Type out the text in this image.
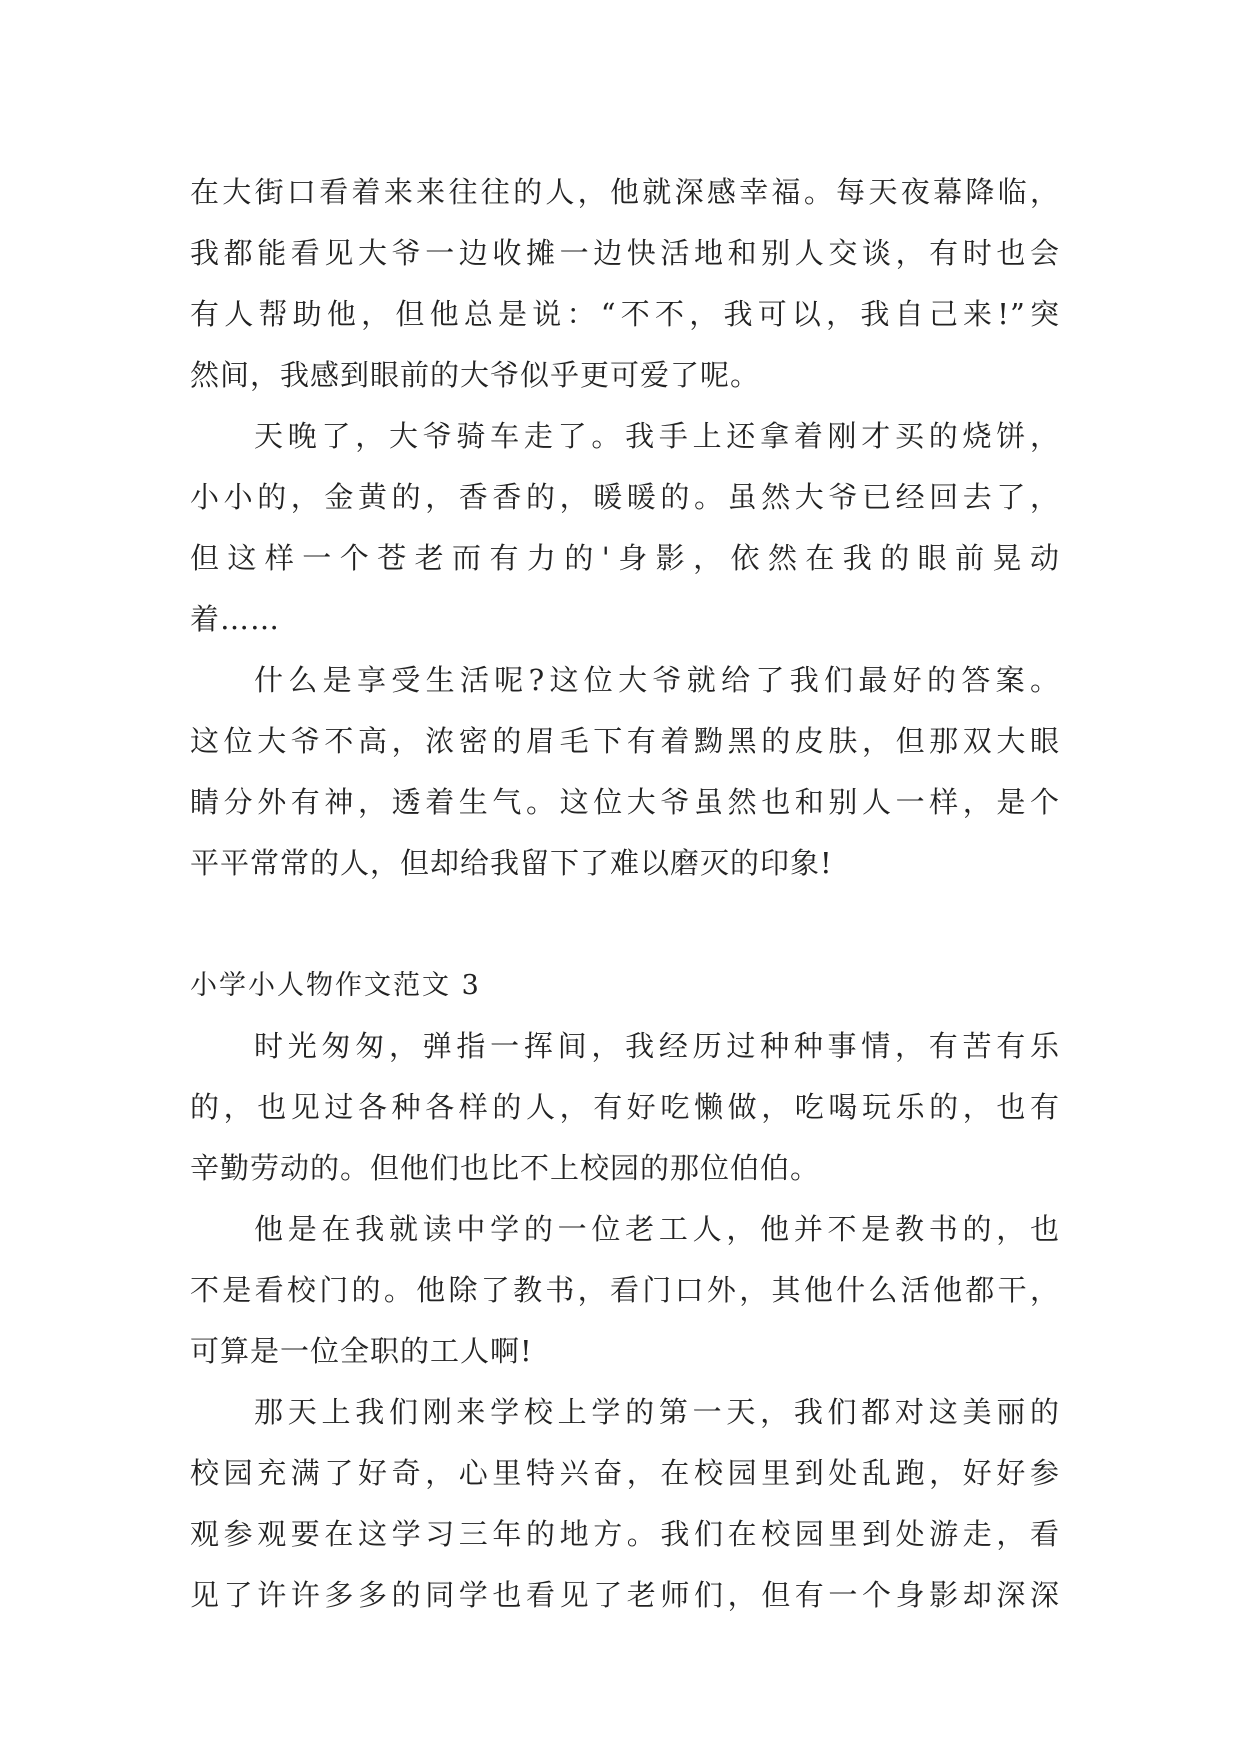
在大街口看着来来往往的人，他就深感幸福。每天夜幕降临，
我都能看见大爷一边收摊一边快活地和别人交谈，有时也会
有人帮助他，但他总是说：“不不，我可以，我自己来!”突
然间，我感到眼前的大爷似乎更可爱了呢。
天晚了，大爷骑车走了。我手上还拿着刚才买的烧饼，
小小的，金黄的，香香的，暖暖的。虽然大爷已经回去了，
但这样一个苍老而有力的'身影，依然在我的眼前晃动
着……
什么是享受生活呢?这位大爷就给了我们最好的答案。
这位大爷不高，浓密的眉毛下有着黝黑的皮肤，但那双大眼
睛分外有神，透着生气。这位大爷虽然也和别人一样，是个
平平常常的人，但却给我留下了难以磨灭的印象!
小学小人物作文范文 3
时光匆匆，弹指一挥间，我经历过种种事情，有苦有乐
的，也见过各种各样的人，有好吃懒做，吃喝玩乐的，也有
辛勤劳动的。但他们也比不上校园的那位伯伯。
他是在我就读中学的一位老工人，他并不是教书的，也
不是看校门的。他除了教书，看门口外，其他什么活他都干，
可算是一位全职的工人啊!
那天上我们刚来学校上学的第一天，我们都对这美丽的
校园充满了好奇，心里特兴奋，在校园里到处乱跑，好好参
观参观要在这学习三年的地方。我们在校园里到处游走，看
见了许许多多的同学也看见了老师们，但有一个身影却深深
